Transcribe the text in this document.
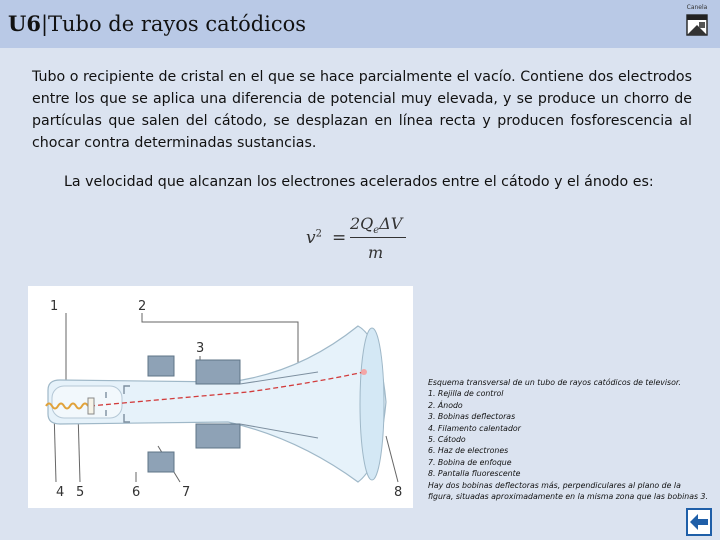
U6|Tubo de rayos catódicos
Canela
Tubo o recipiente de cristal en el que se hace parcialmente el vacío. Contiene dos electrodos entre los que se aplica una diferencia de potencial muy elevada, y se produce un chorro de partículas que salen del cátodo, se desplazan en línea recta y producen fosforescencia al chocar contra determinadas sustancias.
La velocidad que alcanzan los electrones acelerados entre el cátodo y el ánodo es:
$v^2$ =
$2Q_e\Delta V$
m
1	2
3
4 5	6	7	8
Esquema transversal de un tubo de rayos catódicos de televisor.
1. Rejilla de control
2. Ánodo
3. Bobinas deflectoras
4. Filamento calentador
5. Cátodo
6. Haz de electrones
7. Bobina de enfoque
8. Pantalla fluorescente
Hay dos bobinas deflectoras más, perpendiculares al plano de la
figura, situadas aproximadamente en la misma zona que las bobinas 3.
